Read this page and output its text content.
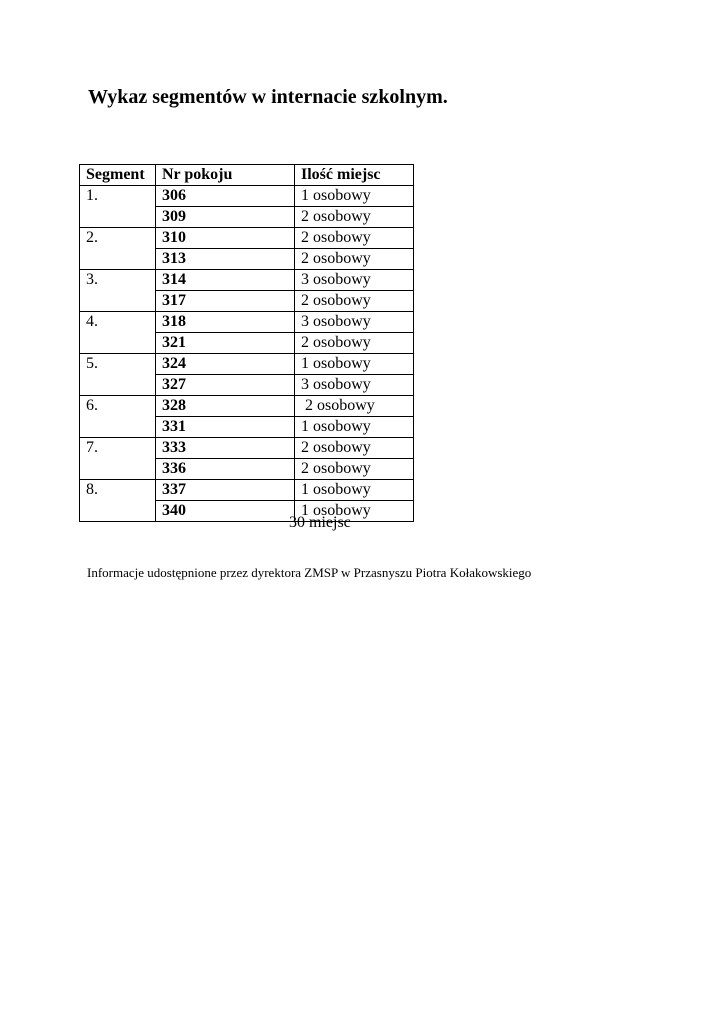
Wykaz segmentów w internacie szkolnym.
Segment	Nr pokoju	Ilość miejsc
1.	306	1 osobowy
	309	2 osobowy
2.	310	2 osobowy
	313	2 osobowy
3.	314	3 osobowy
	317	2 osobowy
4.	318	3 osobowy
	321	2 osobowy
5.	324	1 osobowy
	327	3 osobowy
6.	328	2 osobowy
	331	1 osobowy
7.	333	2 osobowy
	336	2 osobowy
8.	337	1 osobowy
	340	1 osobowy
30 miejsc

Informacje udostępnione przez dyrektora ZMSP w Przasnyszu Piotra Kołakowskiego
